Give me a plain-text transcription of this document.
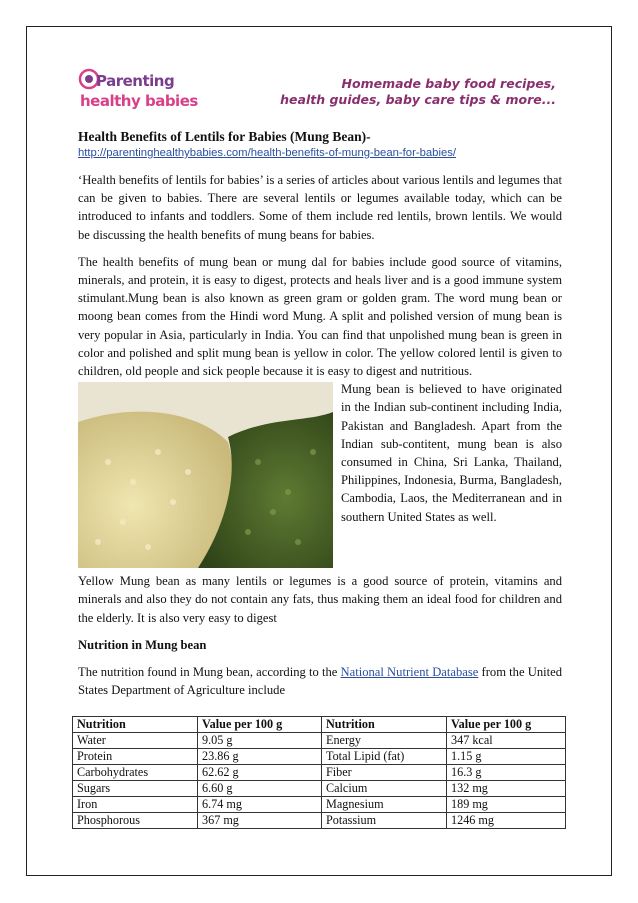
Parenting
healthy babies
Homemade baby food recipes,
health guides, baby care tips & more...

Health Benefits of Lentils for Babies (Mung Bean)-

http://parentinghealthybabies.com/health-benefits-of-mung-bean-for-babies/

‘Health benefits of lentils for babies’ is a series of articles about various lentils and legumes that can be given to babies. There are several lentils or legumes available today, which can be introduced to infants and toddlers. Some of them include red lentils, brown lentils. We would be discussing the health benefits of mung beans for babies.

The health benefits of mung bean or mung dal for babies include good source of vitamins, minerals, and protein, it is easy to digest, protects and heals liver and is a good immune system stimulant.Mung bean is also known as green gram or golden gram. The word mung bean or moong bean comes from the Hindi word Mung. A split and polished version of mung bean is very popular in Asia, particularly in India. You can find that unpolished mung bean is green in color and polished and split mung bean is yellow in color. The yellow colored lentil is given to children, old people and sick people because it is easy to digest and nutritious.

Mung bean is believed to have originated in the Indian sub-continent including India, Pakistan and Bangladesh. Apart from the Indian sub-contitent, mung bean is also consumed in China, Sri Lanka, Thailand, Philippines, Indonesia, Burma, Bangladesh, Cambodia, Laos, the Mediterranean and in southern United States as well.

Yellow Mung bean as many lentils or legumes is a good source of protein, vitamins and minerals and also they do not contain any fats, thus making them an ideal food for children and the elderly. It is also very easy to digest

Nutrition in Mung bean

The nutrition found in Mung bean, according to the National Nutrient Database from the United States Department of Agriculture include

Nutrition	Value per 100 g	Nutrition	Value per 100 g
Water	9.05 g	Energy	347 kcal
Protein	23.86 g	Total Lipid (fat)	1.15 g
Carbohydrates	62.62 g	Fiber	16.3 g
Sugars	6.60 g	Calcium	132 mg
Iron	6.74 mg	Magnesium	189 mg
Phosphorous	367 mg	Potassium	1246 mg
